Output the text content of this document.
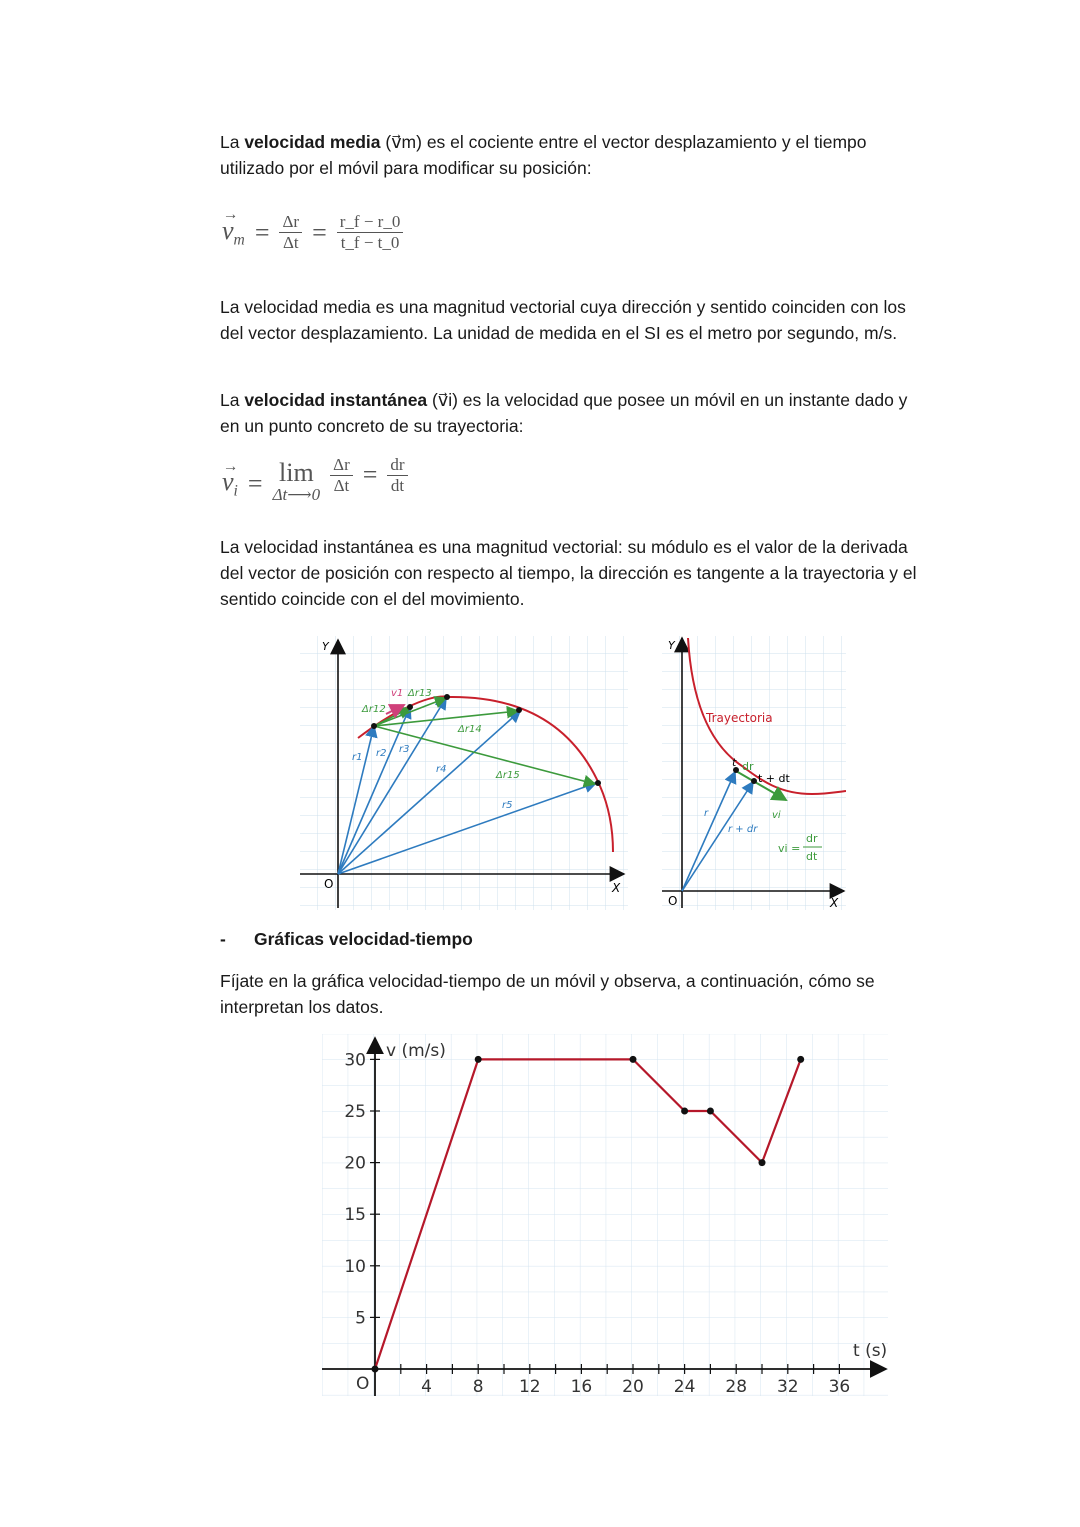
La velocidad media (v⃗m) es el cociente entre el vector desplazamiento y el tiempo utilizado por el móvil para modificar su posición:

→ $v_m = \frac{\Delta r}{\Delta t} = \frac{r\_f - r\_0}{t\_f - t\_0}$

La velocidad media es una magnitud vectorial cuya dirección y sentido coinciden con los del vector desplazamiento. La unidad de medida en el SI es el metro por segundo, m/s.

La velocidad instantánea (v⃗i) es la velocidad que posee un móvil en un instante dado y en un punto concreto de su trayectoria:

→ $v_i = \lim$
Δt⟶0 $\frac{\Delta r}{\Delta t} = \frac{dr}{dt}$

La velocidad instantánea es una magnitud vectorial: su módulo es el valor de la derivada del vector de posición con respecto al tiempo, la dirección es tangente a la trayectoria y el sentido coincide con el del movimiento.

Y
X
O
r1 r2 r3
r4
r5
v1
Δr12
Δr13
Δr14
Δr15
Y
X
O
Trayectoria
t dr
t + dt
vi
r
r + dr
vi =
dr
dt
- Gráficas velocidad-tiempo

Fíjate en la gráfica velocidad-tiempo de un móvil y observa, a continuación, cómo se interpretan los datos.

5
10
15
20
25
30
4 8 12 16 20 24 28 32 36
v (m/s)
t (s)
O
